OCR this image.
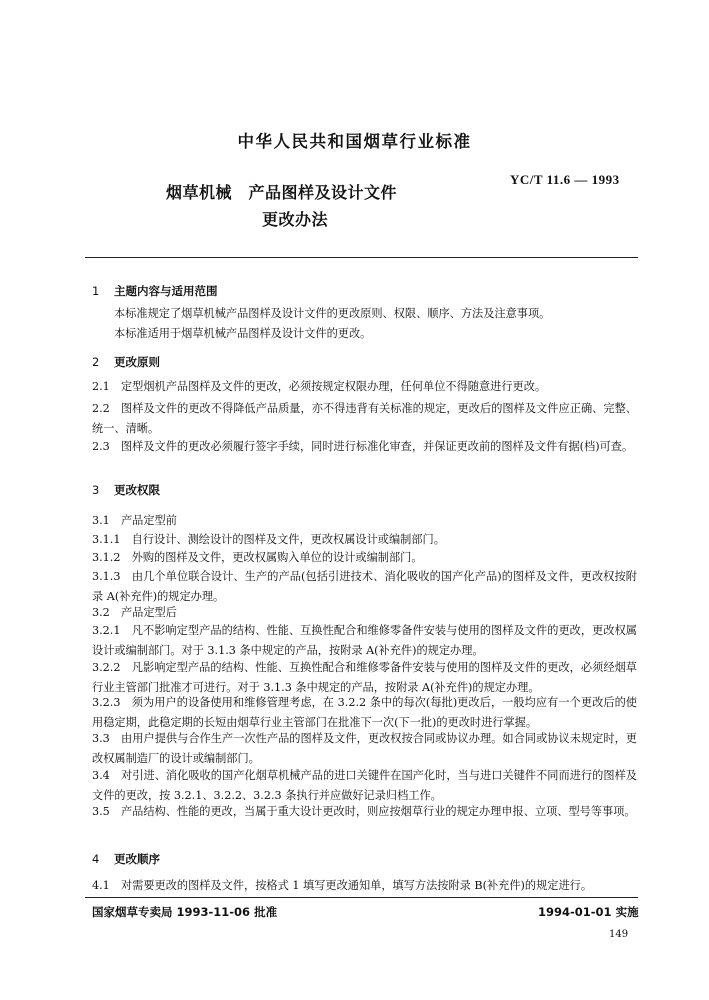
中华人民共和国烟草行业标准
烟草机械　产品图样及设计文件
更改办法
YC/T 11.6 — 1993
1 主题内容与适用范围
本标准规定了烟草机械产品图样及设计文件的更改原则、权限、顺序、方法及注意事项。
本标准适用于烟草机械产品图样及设计文件的更改。
2 更改原则
2.1　定型烟机产品图样及文件的更改，必须按规定权限办理，任何单位不得随意进行更改。
2.2　图样及文件的更改不得降低产品质量，亦不得违背有关标准的规定，更改后的图样及文件应正确、完整、统一、清晰。
2.3　图样及文件的更改必须履行签字手续，同时进行标准化审查，并保证更改前的图样及文件有据(档)可查。
3 更改权限
3.1　产品定型前
3.1.1　自行设计、测绘设计的图样及文件，更改权属设计或编制部门。
3.1.2　外购的图样及文件，更改权属购入单位的设计或编制部门。
3.1.3　由几个单位联合设计、生产的产品(包括引进技术、消化吸收的国产化产品)的图样及文件，更改权按附录 A(补充件)的规定办理。
3.2　产品定型后
3.2.1　凡不影响定型产品的结构、性能、互换性配合和维修零备件安装与使用的图样及文件的更改，更改权属设计或编制部门。对于 3.1.3 条中规定的产品，按附录 A(补充件)的规定办理。
3.2.2　凡影响定型产品的结构、性能、互换性配合和维修零备件安装与使用的图样及文件的更改，必须经烟草行业主管部门批准才可进行。对于 3.1.3 条中规定的产品，按附录 A(补充件)的规定办理。
3.2.3　须为用户的设备使用和维修管理考虑，在 3.2.2 条中的每次(每批)更改后，一般均应有一个更改后的使用稳定期，此稳定期的长短由烟草行业主管部门在批准下一次(下一批)的更改时进行掌握。
3.3　由用户提供与合作生产一次性产品的图样及文件，更改权按合同或协议办理。如合同或协议未规定时，更改权属制造厂的设计或编制部门。
3.4　对引进、消化吸收的国产化烟草机械产品的进口关键件在国产化时，当与进口关键件不同而进行的图样及文件的更改，按 3.2.1、3.2.2、3.2.3 条执行并应做好记录归档工作。
3.5　产品结构、性能的更改，当属于重大设计更改时，则应按烟草行业的规定办理申报、立项、型号等事项。
4 更改顺序
4.1　对需要更改的图样及文件，按格式 1 填写更改通知单，填写方法按附录 B(补充件)的规定进行。
国家烟草专卖局 1993-11-06 批准	1994-01-01 实施
149
